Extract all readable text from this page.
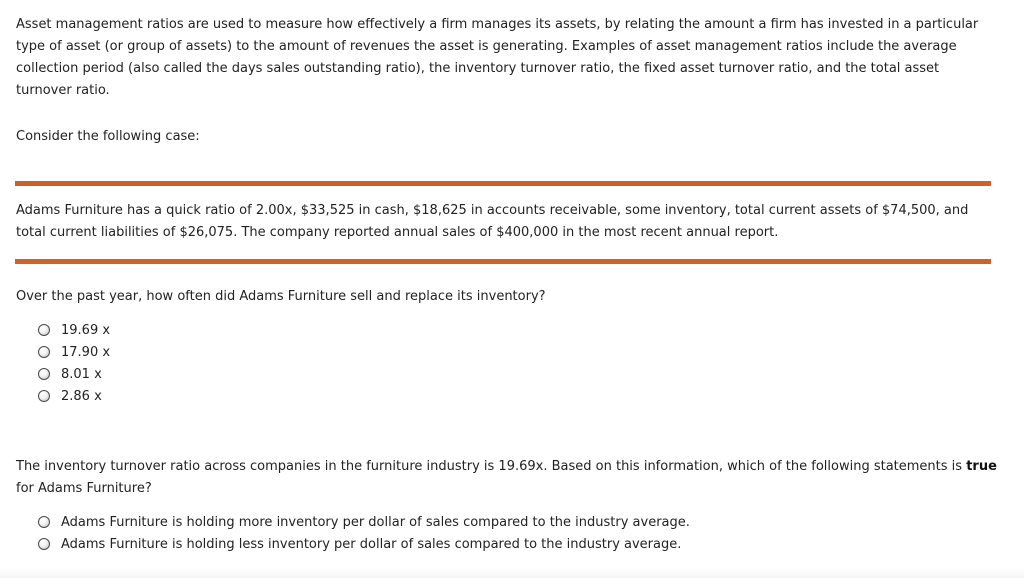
Asset management ratios are used to measure how effectively a firm manages its assets, by relating the amount a firm has invested in a particular type of asset (or group of assets) to the amount of revenues the asset is generating. Examples of asset management ratios include the average collection period (also called the days sales outstanding ratio), the inventory turnover ratio, the fixed asset turnover ratio, and the total asset turnover ratio.

Consider the following case:

Adams Furniture has a quick ratio of 2.00x, $33,525 in cash, $18,625 in accounts receivable, some inventory, total current assets of $74,500, and total current liabilities of $26,075. The company reported annual sales of $400,000 in the most recent annual report.

Over the past year, how often did Adams Furniture sell and replace its inventory?

19.69 x
17.90 x
8.01 x
2.86 x

The inventory turnover ratio across companies in the furniture industry is 19.69x. Based on this information, which of the following statements is true for Adams Furniture?

Adams Furniture is holding more inventory per dollar of sales compared to the industry average.
Adams Furniture is holding less inventory per dollar of sales compared to the industry average.
